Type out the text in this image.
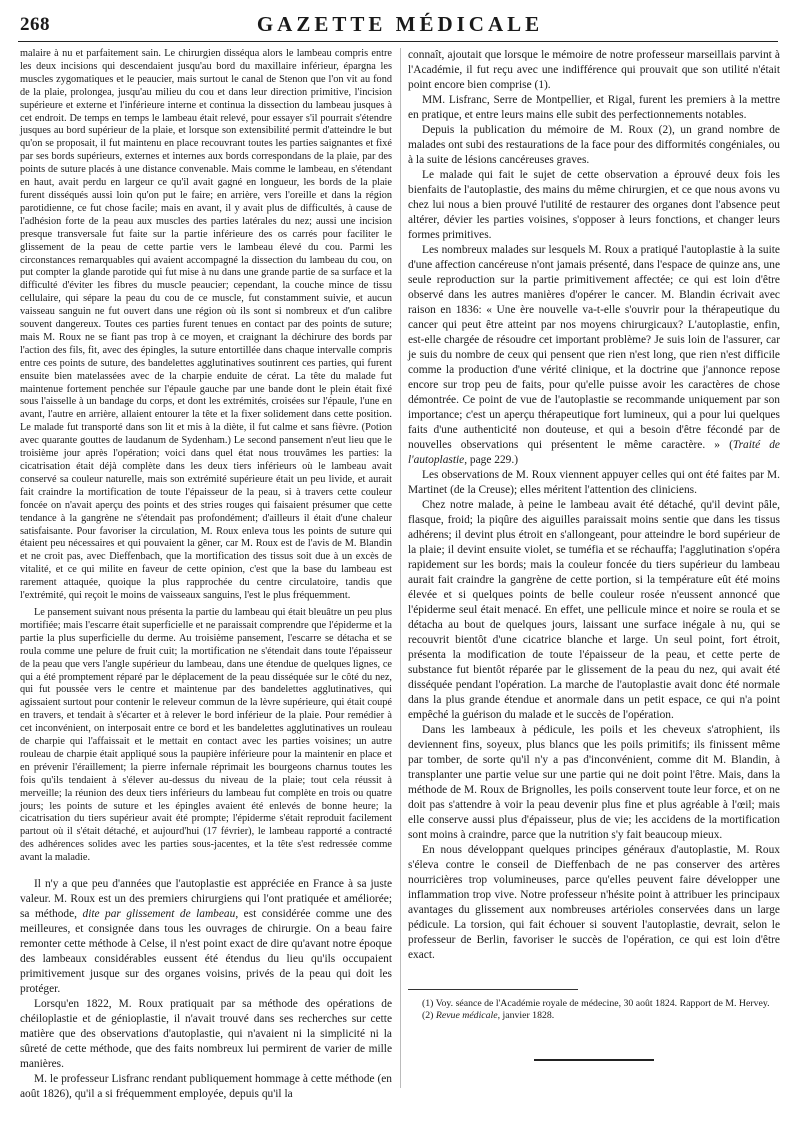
268	GAZETTE MÉDICALE

malaire à nu et parfaitement sain. Le chirurgien disséqua alors le lambeau compris entre les deux incisions qui descendaient jusqu'au bord du maxillaire inférieur, épargna les muscles zygomatiques et le peaucier, mais surtout le canal de Stenon que l'on vit au fond de la plaie, prolongea, jusqu'au milieu du cou et dans leur direction primitive, l'incision supérieure et externe et l'inférieure interne et continua la dissection du lambeau jusques à cet endroit. De temps en temps le lambeau était relevé, pour essayer s'il pourrait s'étendre jusques au bord supérieur de la plaie, et lorsque son extensibilité permit d'atteindre le but qu'on se proposait, il fut maintenu en place recouvrant toutes les parties saignantes et fixé par ses bords supérieurs, externes et internes aux bords correspondans de la plaie, par des points de suture placés à une distance convenable. Mais comme le lambeau, en s'étendant en haut, avait perdu en largeur ce qu'il avait gagné en longueur, les bords de la plaie furent disséqués aussi loin qu'on put le faire; en arrière, vers l'oreille et dans la région parotidienne, ce fut chose facile; mais en avant, il y avait plus de difficultés, à cause de l'adhésion forte de la peau aux muscles des parties latérales du nez; aussi une incision presque transversale fut faite sur la partie inférieure des os carrés pour faciliter le glissement de la peau de cette partie vers le lambeau élevé du cou. Parmi les circonstances remarquables qui avaient accompagné la dissection du lambeau du cou, on put compter la glande parotide qui fut mise à nu dans une grande partie de sa surface et la difficulté d'éviter les fibres du muscle peaucier; cependant, la couche mince de tissu cellulaire, qui sépare la peau du cou de ce muscle, fut constamment suivie, et aucun vaisseau sanguin ne fut ouvert dans une région où ils sont si nombreux et d'un calibre souvent dangereux. Toutes ces parties furent tenues en contact par des points de suture; mais M. Roux ne se fiant pas trop à ce moyen, et craignant la déchirure des bords par l'action des fils, fit, avec des épingles, la suture entortillée dans chaque intervalle compris entre ces points de suture, des bandelettes agglutinatives soutinrent ces parties, qui furent ensuite bien matelassées avec de la charpie enduite de cérat. La tête du malade fut maintenue fortement penchée sur l'épaule gauche par une bande dont le plein était fixé sous l'aisselle à un bandage du corps, et dont les extrémités, croisées sur l'épaule, l'une en avant, l'autre en arrière, allaient entourer la tête et la fixer solidement dans cette position. Le malade fut transporté dans son lit et mis à la diète, il fut calme et sans fièvre. (Potion avec quarante gouttes de laudanum de Sydenham.) Le second pansement n'eut lieu que le troisième jour après l'opération; voici dans quel état nous trouvâmes les parties: la cicatrisation était déjà complète dans les deux tiers inférieurs où le lambeau avait conservé sa couleur naturelle, mais son extrémité supérieure était un peu livide, et aurait fait craindre la mortification de toute l'épaisseur de la peau, si à travers cette couleur foncée on n'avait aperçu des points et des stries rouges qui faisaient présumer que cette tendance à la gangrène ne s'étendait pas profondément; d'ailleurs il était d'une chaleur satisfaisante. Pour favoriser la circulation, M. Roux enleva tous les points de suture qui étaient peu nécessaires et qui pouvaient la gêner, car M. Roux est de l'avis de M. Blandin et ne croit pas, avec Dieffenbach, que la mortification des tissus soit due à un excès de vitalité, et ce qui milite en faveur de cette opinion, c'est que la base du lambeau est rarement attaquée, quoique la plus rapprochée du centre circulatoire, tandis que l'extrémité, qui reçoit le moins de vaisseaux sanguins, l'est le plus fréquemment.

Le pansement suivant nous présenta la partie du lambeau qui était bleuâtre un peu plus mortifiée; mais l'escarre était superficielle et ne paraissait comprendre que l'épiderme et la partie la plus superficielle du derme. Au troisième pansement, l'escarre se détacha et se roula comme une pelure de fruit cuit; la mortification ne s'étendait dans toute l'épaisseur de la peau que vers l'angle supérieur du lambeau, dans une étendue de quelques lignes, ce qui a été promptement réparé par le déplacement de la peau disséquée sur le côté du nez, qui fut poussée vers le centre et maintenue par des bandelettes agglutinatives, qui agissaient surtout pour contenir le releveur commun de la lèvre supérieure, qui était coupé en travers, et tendait à s'écarter et à relever le bord inférieur de la plaie. Pour remédier à cet inconvénient, on interposait entre ce bord et les bandelettes agglutinatives un rouleau de charpie qui l'affaissait et le mettait en contact avec les parties voisines; un autre rouleau de charpie était appliqué sous la paupière inférieure pour la maintenir en place et en prévenir l'éraillement; la pierre infernale réprimait les bourgeons charnus toutes les fois qu'ils tendaient à s'élever au-dessus du niveau de la plaie; tout cela réussit à merveille; la réunion des deux tiers inférieurs du lambeau fut complète en trois ou quatre jours; les points de suture et les épingles avaient été enlevés de bonne heure; la cicatrisation du tiers supérieur avait été prompte; l'épiderme s'était reproduit facilement partout où il s'était détaché, et aujourd'hui (17 février), le lambeau rapporté a contracté des adhérences solides avec les parties sous-jacentes, et la tête s'est redressée comme avant la maladie.

Il n'y a que peu d'années que l'autoplastie est appréciée en France à sa juste valeur. M. Roux est un des premiers chirurgiens qui l'ont pratiquée et améliorée; sa méthode, dite par glissement de lambeau, est considérée comme une des meilleures, et consignée dans tous les ouvrages de chirurgie. On a beau faire remonter cette méthode à Celse, il n'est point exact de dire qu'avant notre époque des lambeaux considérables eussent été étendus du lieu qu'ils occupaient primitivement jusque sur des organes voisins, privés de la peau qui doit les protéger.

Lorsqu'en 1822, M. Roux pratiquait par sa méthode des opérations de chéiloplastie et de génioplastie, il n'avait trouvé dans ses recherches sur cette matière que des observations d'autoplastie, qui n'avaient ni la simplicité ni la sûreté de cette méthode, que des faits nombreux lui permirent de varier de mille manières.

M. le professeur Lisfranc rendant publiquement hommage à cette méthode (en août 1826), qu'il a si fréquemment employée, depuis qu'il la

connaît, ajoutait que lorsque le mémoire de notre professeur marseillais parvint à l'Académie, il fut reçu avec une indifférence qui prouvait que son utilité n'était point encore bien comprise (1).

MM. Lisfranc, Serre de Montpellier, et Rigal, furent les premiers à la mettre en pratique, et entre leurs mains elle subit des perfectionnements notables.

Depuis la publication du mémoire de M. Roux (2), un grand nombre de malades ont subi des restaurations de la face pour des difformités congéniales, ou à la suite de lésions cancéreuses graves.

Le malade qui fait le sujet de cette observation a éprouvé deux fois les bienfaits de l'autoplastie, des mains du même chirurgien, et ce que nous avons vu chez lui nous a bien prouvé l'utilité de restaurer des organes dont l'absence peut altérer, dévier les parties voisines, s'opposer à leurs fonctions, et changer leurs formes primitives.

Les nombreux malades sur lesquels M. Roux a pratiqué l'autoplastie à la suite d'une affection cancéreuse n'ont jamais présenté, dans l'espace de quinze ans, une seule reproduction sur la partie primitivement affectée; ce qui est loin d'être observé dans les autres manières d'opérer le cancer. M. Blandin écrivait avec raison en 1836: « Une ère nouvelle va-t-elle s'ouvrir pour la thérapeutique du cancer qui peut être atteint par nos moyens chirurgicaux? L'autoplastie, enfin, est-elle chargée de résoudre cet important problème? Je suis loin de l'assurer, car je suis du nombre de ceux qui pensent que rien n'est long, que rien n'est difficile comme la production d'une vérité clinique, et la doctrine que j'annonce repose encore sur trop peu de faits, pour qu'elle puisse avoir les caractères de chose démontrée. Ce point de vue de l'autoplastie se recommande uniquement par son importance; c'est un aperçu thérapeutique fort lumineux, qui a pour lui quelques faits d'une authenticité non douteuse, et qui a besoin d'être fécondé par de nouvelles observations qui présentent le même caractère. » (Traité de l'autoplastie, page 229.)

Les observations de M. Roux viennent appuyer celles qui ont été faites par M. Martinet (de la Creuse); elles méritent l'attention des cliniciens.

Chez notre malade, à peine le lambeau avait été détaché, qu'il devint pâle, flasque, froid; la piqûre des aiguilles paraissait moins sentie que dans les tissus adhérens; il devint plus étroit en s'allongeant, pour atteindre le bord supérieur de la plaie; il devint ensuite violet, se tuméfia et se réchauffa; l'agglutination s'opéra rapidement sur les bords; mais la couleur foncée du tiers supérieur du lambeau aurait fait craindre la gangrène de cette portion, si la température eût été moins élevée et si quelques points de belle couleur rosée n'eussent annoncé que l'épiderme seul était menacé. En effet, une pellicule mince et noire se roula et se détacha au bout de quelques jours, laissant une surface inégale à nu, qui se recouvrit bientôt d'une cicatrice blanche et large. Un seul point, fort étroit, présenta la modification de toute l'épaisseur de la peau, et cette perte de substance fut bientôt réparée par le glissement de la peau du nez, qui avait été disséquée pendant l'opération. La marche de l'autoplastie avait donc été normale dans la plus grande étendue et anormale dans un petit espace, ce qui n'a point empêché la guérison du malade et le succès de l'opération.

Dans les lambeaux à pédicule, les poils et les cheveux s'atrophient, ils deviennent fins, soyeux, plus blancs que les poils primitifs; ils finissent même par tomber, de sorte qu'il n'y a pas d'inconvénient, comme dit M. Blandin, à transplanter une partie velue sur une partie qui ne doit point l'être. Mais, dans la méthode de M. Roux de Brignolles, les poils conservent toute leur force, et on ne doit pas s'attendre à voir la peau devenir plus fine et plus agréable à l'œil; mais elle conserve aussi plus d'épaisseur, plus de vie; les accidens de la mortification sont moins à craindre, parce que la nutrition s'y fait beaucoup mieux.

En nous développant quelques principes généraux d'autoplastie, M. Roux s'éleva contre le conseil de Dieffenbach de ne pas conserver des artères nourricières trop volumineuses, parce qu'elles peuvent faire développer une inflammation trop vive. Notre professeur n'hésite point à attribuer les principaux avantages du glissement aux nombreuses artérioles conservées dans un large pédicule. La torsion, qui fait échouer si souvent l'autoplastie, devrait, selon le professeur de Berlin, favoriser le succès de l'opération, ce qui est loin d'être exact.

(1) Voy. séance de l'Académie royale de médecine, 30 août 1824. Rapport de M. Hervey.

(2) Revue médicale, janvier 1828.
